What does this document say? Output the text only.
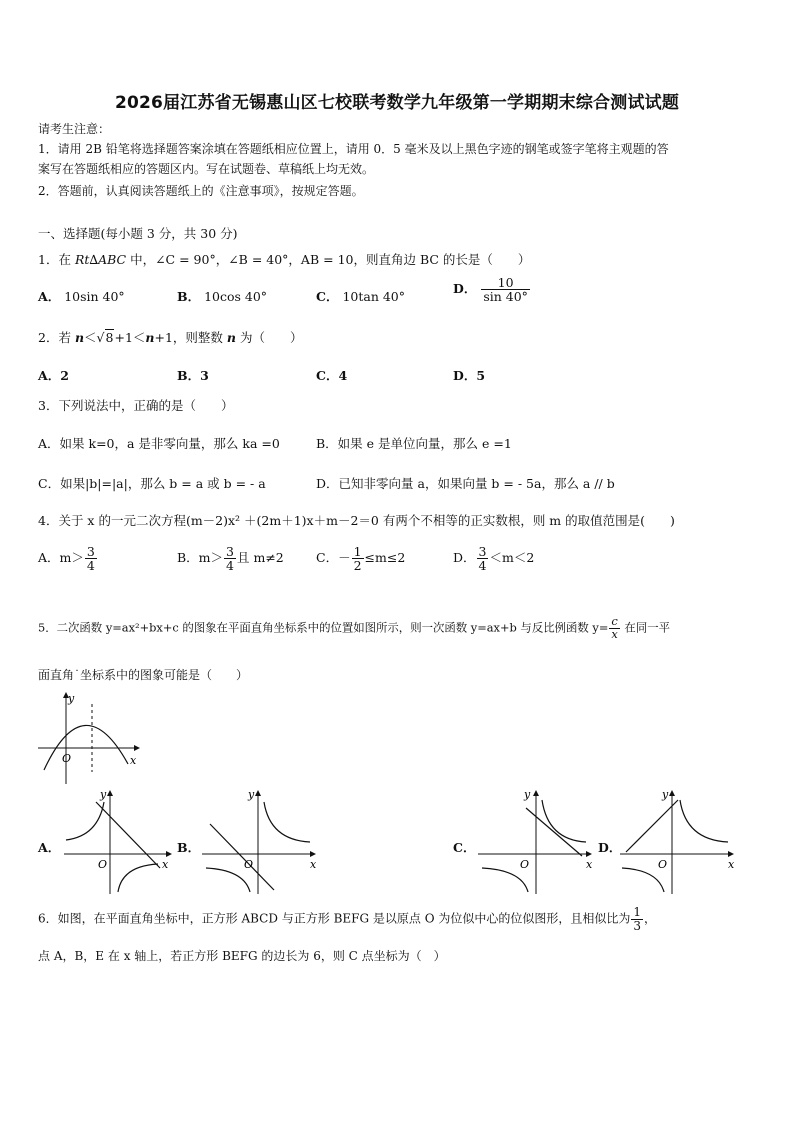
2026届江苏省无锡惠山区七校联考数学九年级第一学期期末综合测试试题
请考生注意：
1．请用 2B 铅笔将选择题答案涂填在答题纸相应位置上，请用 0．5 毫米及以上黑色字迹的钢笔或签字笔将主观题的答
案写在答题纸相应的答题区内。写在试题卷、草稿纸上均无效。
2．答题前，认真阅读答题纸上的《注意事项》，按规定答题。
一、选择题(每小题 3 分，共 30 分)
1．在 Rt∆ABC 中，∠C = 90°，∠B = 40°，AB = 10，则直角边 BC 的长是（　　）
A． 10sin 40°	B． 10cos 40°	C． 10tan 40°
D． $\frac{10}{\sin 40^\circ}$
2．若 n＜√8+1＜n+1，则整数 n 为（　　）
A．2	B．3	C．4	D．5
3．下列说法中，正确的是（　　）
A．如果 k=0，a 是非零向量，那么 ka =0	B．如果 e 是单位向量，那么 e =1
C．如果|b|=|a|，那么 b = a 或 b = - a	D．已知非零向量 a，如果向量 b = - 5a，那么 a // b
4．关于 x 的一元二次方程(m－2)x² ＋(2m＋1)x＋m－2＝0 有两个不相等的正实数根，则 m 的取值范围是(　　)
A．$m> \frac{3}{4}$	B．$m> \frac{3}{4}$ 且 m≠2	C．－ $\frac{1}{2} \le m\le 2$	D． $\frac{3}{4} <m<2$
5．二次函数 y=ax²+bx+c 的图象在平面直角坐标系中的位置如图所示，则一次函数 y=ax+b 与反比例函数 $y= \frac{c}{x}$ 在同一平
面直角˙坐标系中的图象可能是（　　）
y
O	x
A．	B．	C．	D．
y
O	x
y
O	x
y
O	x
y
O	x
6．如图，在平面直角坐标中，正方形 ABCD 与正方形 BEFG 是以原点 O 为位似中心的位似图形，且相似比为 $\frac{1}{3}$ ，
点 A，B，E 在 x 轴上，若正方形 BEFG 的边长为 6，则 C 点坐标为（　）
